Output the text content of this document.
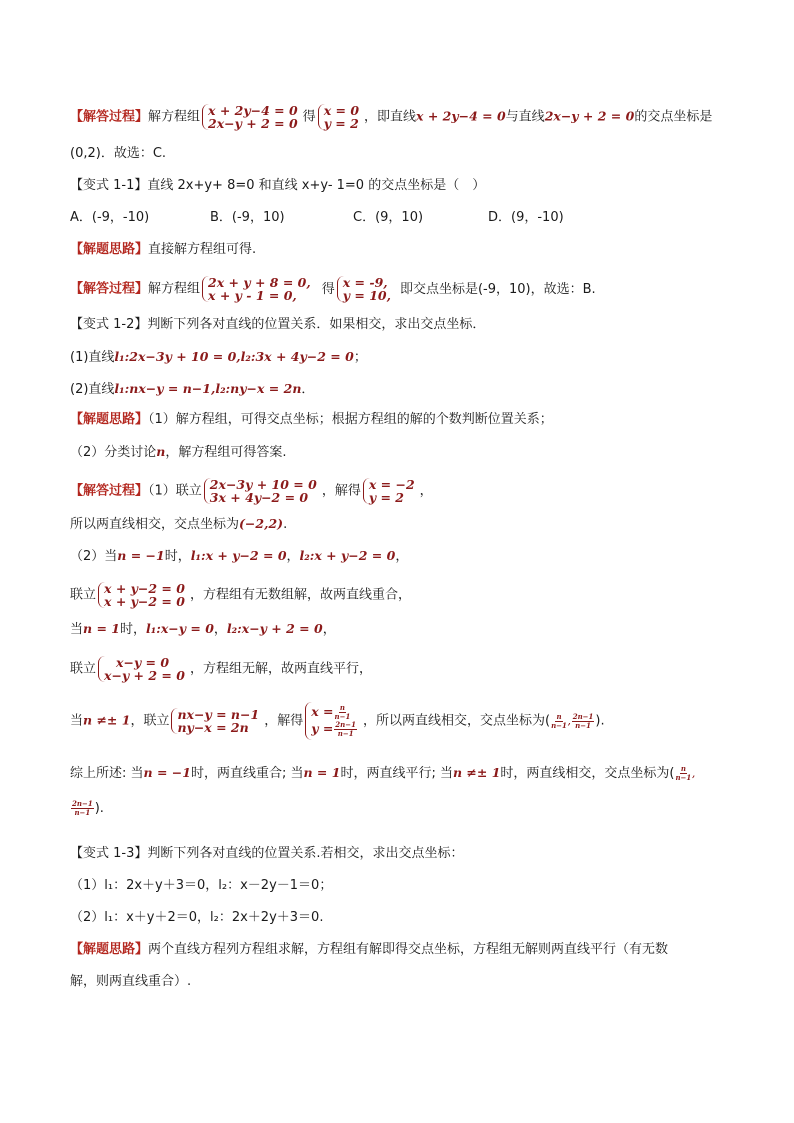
【解答过程】解方程组 x + 2y−4 = 0
2x−y + 2 = 0 得 x = 0
y = 2 ，即直线x + 2y−4 = 0与直线2x−y + 2 = 0的交点坐标是
(0,2)．故选：C.
【变式 1-1】直线 2x+y+ 8=0 和直线 x+y- 1=0 的交点坐标是（　）
A．(-9，-10)	B．(-9，10)	C．(9，10)	D．(9，-10)
【解题思路】直接解方程组可得.
【解答过程】解方程组 2x + y + 8 = 0,
x + y - 1 = 0,	得 x = -9,
y = 10, 即交点坐标是(-9，10)，故选：B.
【变式 1-2】判断下列各对直线的位置关系．如果相交，求出交点坐标．
(1)直线l₁:2x−3y + 10 = 0,l₂:3x + 4y−2 = 0；
(2)直线l₁:nx−y = n−1,l₂:ny−x = 2n．
【解题思路】（1）解方程组，可得交点坐标；根据方程组的解的个数判断位置关系；
（2）分类讨论n，解方程组可得答案.
【解答过程】（1）联立 2x−3y + 10 = 0
3x + 4y−2 = 0	，解得 x = −2
y = 2	，
所以两直线相交，交点坐标为(−2,2).
（2）当n = −1时，l₁:x + y−2 = 0，l₂:x + y−2 = 0，
联立 x + y−2 = 0
x + y−2 = 0 ，方程组有无数组解，故两直线重合，
当n = 1时，l₁:x−y = 0，l₂:x−y + 2 = 0，
联立	x−y = 0
x−y + 2 = 0 ，方程组无解，故两直线平行，
当n ≠± 1，联立 nx−y = n−1
ny−x = 2n	，解得
$x = \frac{n}{n-1}$
$y = \frac{2n-1}{n-1}$ ，所以两直线相交，交点坐标为( $\frac{n}{n-1}$ , $\frac{2n-1}{n-1}$ ).
综上所述: 当n = −1时，两直线重合; 当n = 1时，两直线平行; 当n ≠± 1时，两直线相交，交点坐标为( $\frac{n}{n-1}$ ,
$\frac{2n-1}{n-1}$ ).
【变式 1-3】判断下列各对直线的位置关系.若相交，求出交点坐标：
（1）l₁：2x＋y＋3＝0，l₂：x－2y－1＝0；
（2）l₁：x＋y＋2＝0，l₂：2x＋2y＋3＝0.
【解题思路】两个直线方程列方程组求解，方程组有解即得交点坐标，方程组无解则两直线平行（有无数
解，则两直线重合）.
